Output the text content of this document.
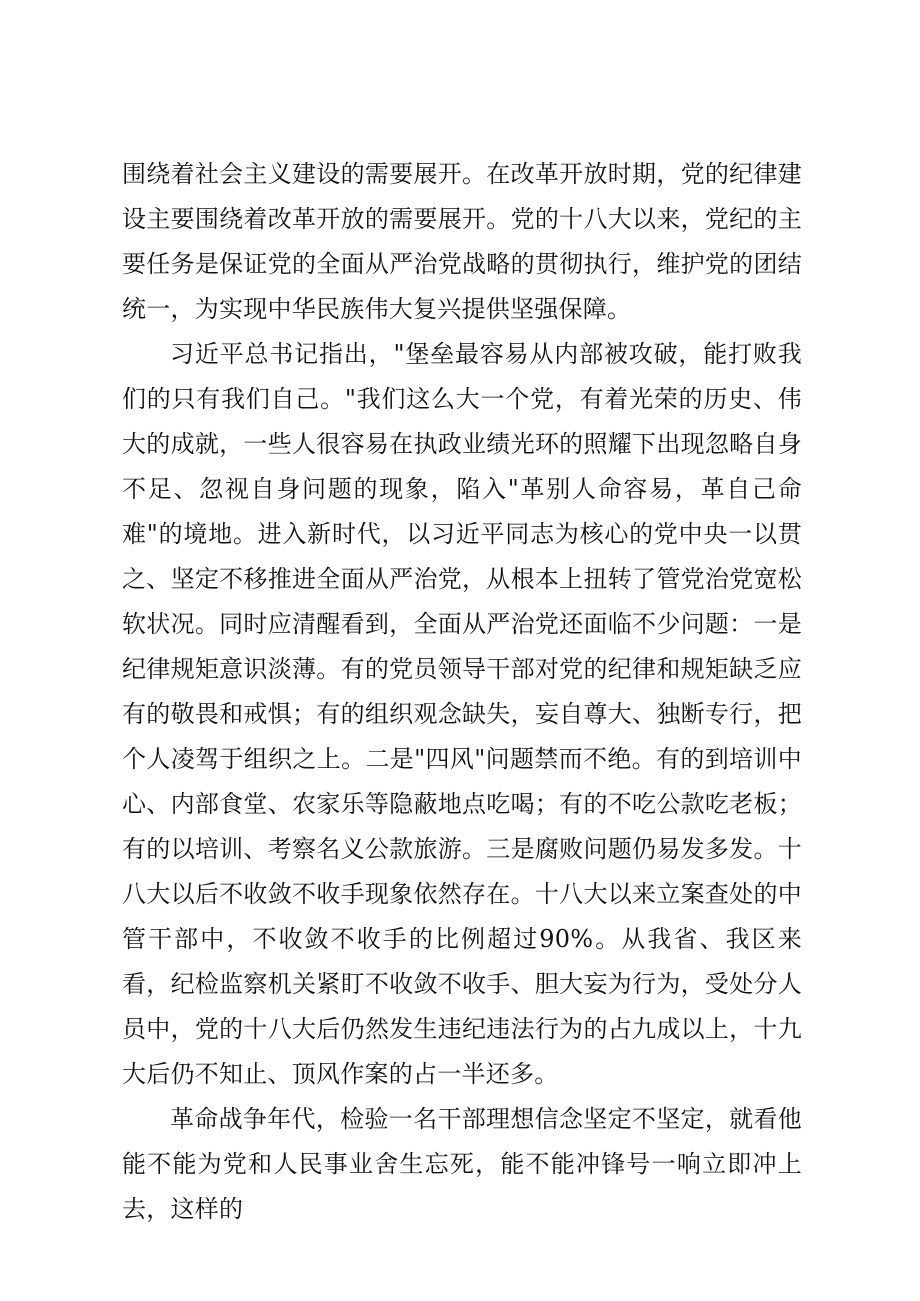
围绕着社会主义建设的需要展开。在改革开放时期，党的纪律建设主要围绕着改革开放的需要展开。党的十八大以来，党纪的主要任务是保证党的全面从严治党战略的贯彻执行，维护党的团结统一，为实现中华民族伟大复兴提供坚强保障。

习近平总书记指出，"堡垒最容易从内部被攻破，能打败我们的只有我们自己。"我们这么大一个党，有着光荣的历史、伟大的成就，一些人很容易在执政业绩光环的照耀下出现忽略自身不足、忽视自身问题的现象，陷入"革别人命容易，革自己命难"的境地。进入新时代，以习近平同志为核心的党中央一以贯之、坚定不移推进全面从严治党，从根本上扭转了管党治党宽松软状况。同时应清醒看到，全面从严治党还面临不少问题：一是纪律规矩意识淡薄。有的党员领导干部对党的纪律和规矩缺乏应有的敬畏和戒惧；有的组织观念缺失，妄自尊大、独断专行，把个人凌驾于组织之上。二是"四风"问题禁而不绝。有的到培训中心、内部食堂、农家乐等隐蔽地点吃喝；有的不吃公款吃老板；有的以培训、考察名义公款旅游。三是腐败问题仍易发多发。十八大以后不收敛不收手现象依然存在。十八大以来立案查处的中管干部中，不收敛不收手的比例超过90%。从我省、我区来看，纪检监察机关紧盯不收敛不收手、胆大妄为行为，受处分人员中，党的十八大后仍然发生违纪违法行为的占九成以上，十九大后仍不知止、顶风作案的占一半还多。

革命战争年代，检验一名干部理想信念坚定不坚定，就看他能不能为党和人民事业舍生忘死，能不能冲锋号一响立即冲上去，这样的
